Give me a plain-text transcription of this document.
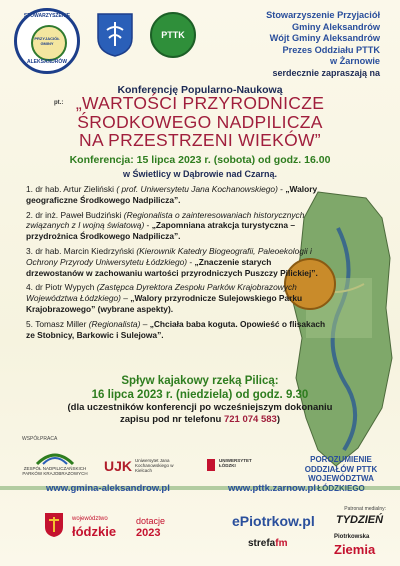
STOWARZYSZENIE
PRZYJACIÓŁ GMINY
ALEKSANDRÓW
PTTK
Stowarzyszenie Przyjaciół
Gminy Aleksandrów
Wójt Gminy Aleksandrów
Prezes Oddziału PTTK
w Żarnowie
serdecznie zapraszają na
Konferencję Popularno-Naukową
pt.: „WARTOŚCI PRZYRODNICZE
ŚRODKOWEGO NADPILICZA
NA PRZESTRZENI WIEKÓW”
Konferencja: 15 lipca 2023 r. (sobota) od godz. 16.00
w Świetlicy w Dąbrowie nad Czarną.
1. dr hab. Artur Zieliński ( prof. Uniwersytetu Jana Kochanowskiego) - „Walory geograficzne Środkowego Nadpilicza”.
2. dr inż. Paweł Budziński (Regionalista o zainteresowaniach historycznych związanych z I wojną światową) - „Zapomniana atrakcja turystyczna – przydrożnica Środkowego Nadpilicza”.
3. dr hab. Marcin Kiedrzyński (Kierownik Katedry Biogeografii, Paleoekologii i Ochrony Przyrody Uniwersytetu Łódzkiego) - „Znaczenie starych drzewostanów w zachowaniu wartości przyrodniczych Puszczy Pilickiej”.
4. dr Piotr Wypych (Zastępca Dyrektora Zespołu Parków Krajobrazowych Województwa Łódzkiego) – „Walory przyrodnicze Sulejowskiego Parku Krajobrazowego” (wybrane aspekty).
5. Tomasz Miller (Regionalista) – „Chciała baba koguta. Opowieść o flisakach ze Stobnicy, Barkowic i Sulejowa”.
Spływ kajakowy rzeką Pilicą:
16 lipca 2023 r. (niedziela) od godz. 9.30
(dla uczestników konferencji po wcześniejszym dokonaniu
zapisu pod nr telefonu 721 074 583)
WSPÓŁPRACA
ZESPÓŁ NADPILICZAŃSKICH PARKÓW KRAJOBRAZOWYCH UJK Uniwersytet Jana Kochanowskiego w Kielcach
UNIWERSYTET ŁÓDZKI
POROZUMIENIE
ODDZIAŁÓW PTTK
WOJEWÓDZTWA
ŁÓDZKIEGO
www.gmina-aleksandrow.pl	www.pttk.zarnow.pl
Patronat medialny:
województwo
łódzkie
dotacje
2023
ePiotrkow.pl TYDZIEŃ
strefafm
Piotrkowska
Ziemia
